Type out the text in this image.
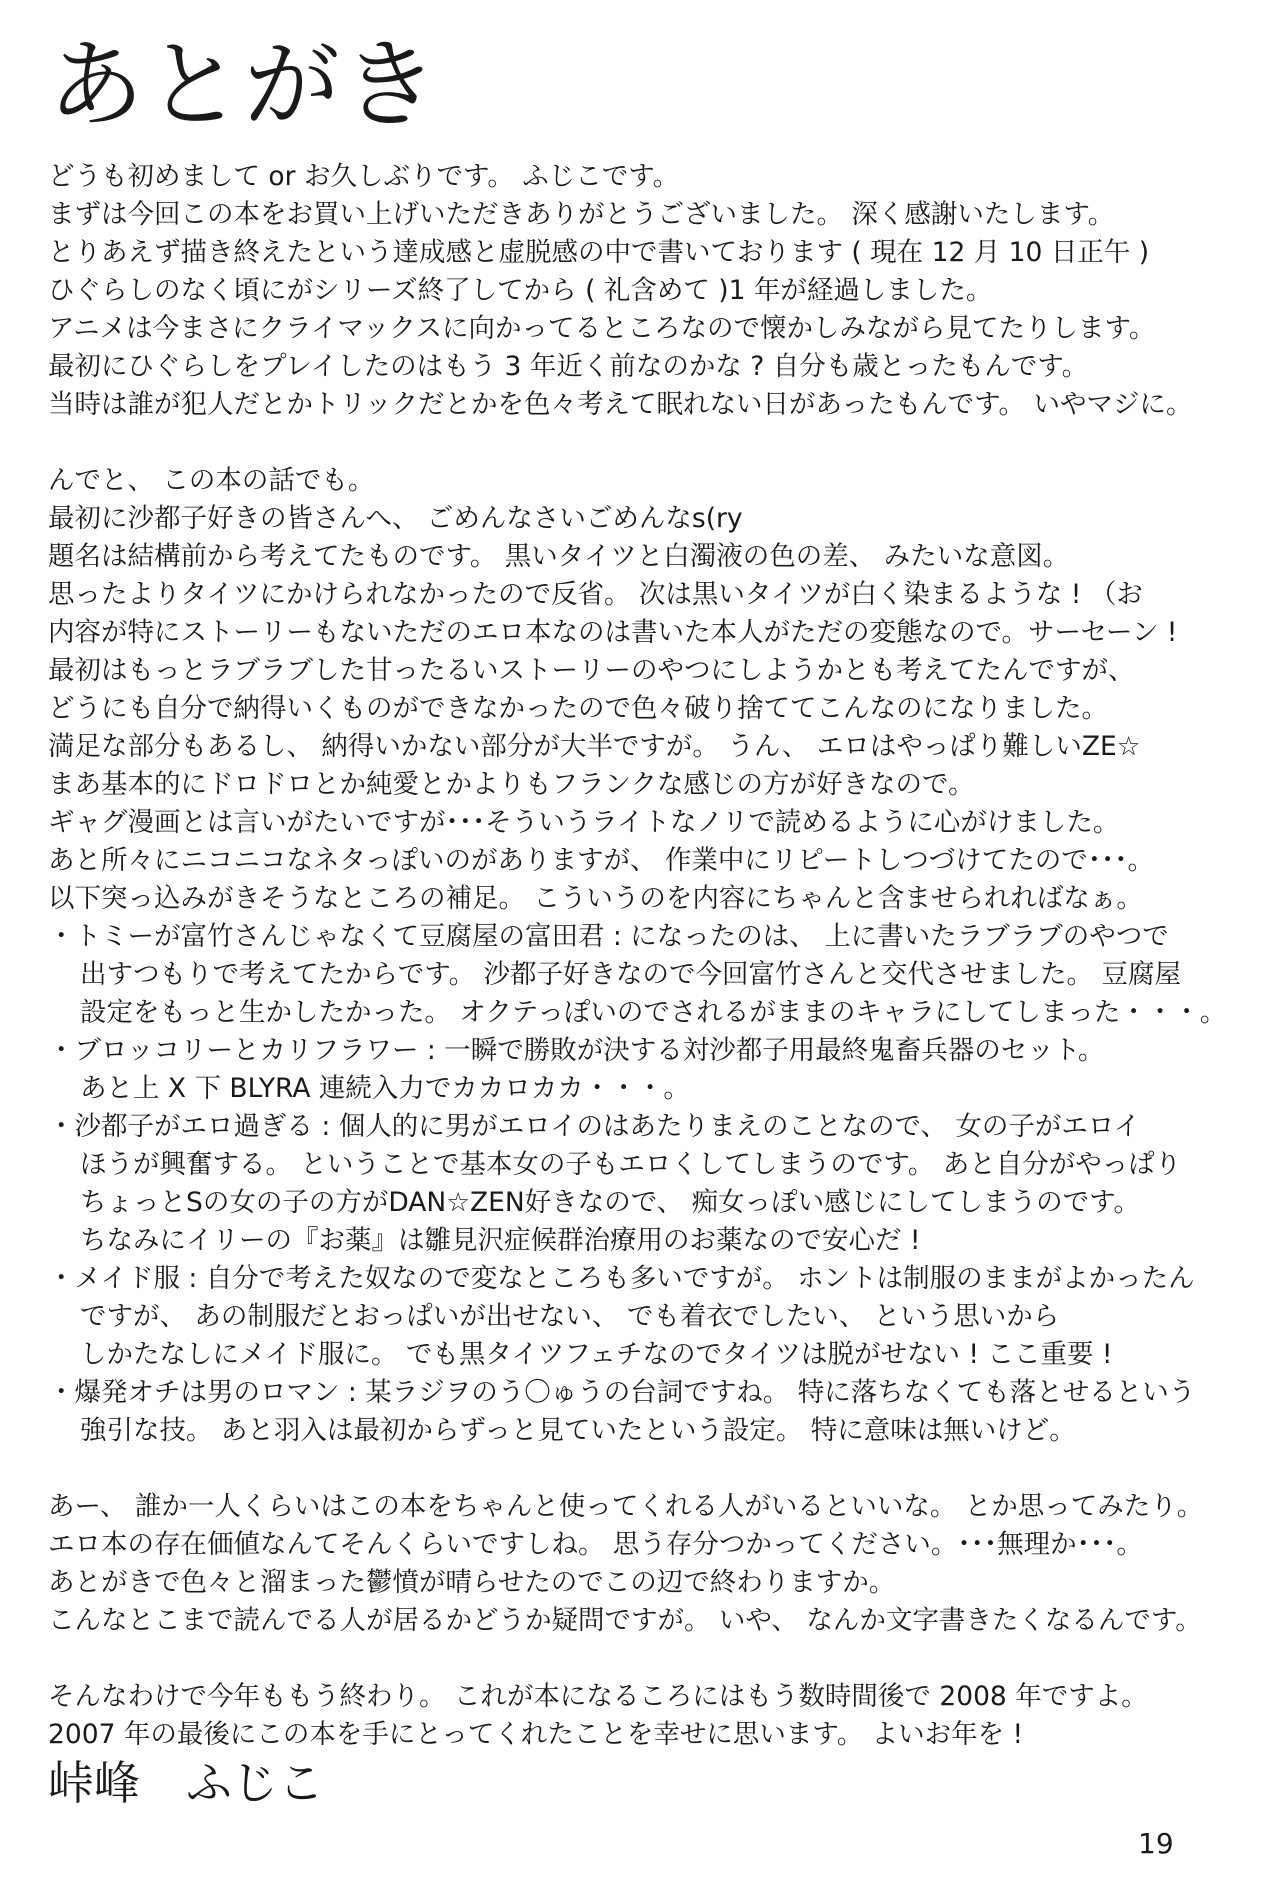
あとがき

どうも初めまして or お久しぶりです。 ふじこです。

まずは今回この本をお買い上げいただきありがとうございました。 深く感謝いたします。

とりあえず描き終えたという達成感と虚脱感の中で書いております ( 現在 12 月 10 日正午 )

ひぐらしのなく頃にがシリーズ終了してから ( 礼含めて )1 年が経過しました。

アニメは今まさにクライマックスに向かってるところなので懐かしみながら見てたりします。

最初にひぐらしをプレイしたのはもう 3 年近く前なのかな ? 自分も歳とったもんです。

当時は誰が犯人だとかトリックだとかを色々考えて眠れない日があったもんです。 いやマジに。

んでと、 この本の話でも。

最初に沙都子好きの皆さんへ、 ごめんなさいごめんなs(ry

題名は結構前から考えてたものです。 黒いタイツと白濁液の色の差、 みたいな意図。

思ったよりタイツにかけられなかったので反省。 次は黒いタイツが白く染まるような ! （お

内容が特にストーリーもないただのエロ本なのは書いた本人がただの変態なので。サーセーン !

最初はもっとラブラブした甘ったるいストーリーのやつにしようかとも考えてたんですが、

どうにも自分で納得いくものができなかったので色々破り捨ててこんなのになりました。

満足な部分もあるし、 納得いかない部分が大半ですが。 うん、 エロはやっぱり難しいZE☆

まあ基本的にドロドロとか純愛とかよりもフランクな感じの方が好きなので。

ギャグ漫画とは言いがたいですが･･･そういうライトなノリで読めるように心がけました。

あと所々にニコニコなネタっぽいのがありますが、 作業中にリピートしつづけてたので･･･。

以下突っ込みがきそうなところの補足。 こういうのを内容にちゃんと含ませられればなぁ。

・トミーが富竹さんじゃなくて豆腐屋の富田君 : になったのは、 上に書いたラブラブのやつで

出すつもりで考えてたからです。 沙都子好きなので今回富竹さんと交代させました。 豆腐屋

設定をもっと生かしたかった。 オクテっぽいのでされるがままのキャラにしてしまった・・・。

・ブロッコリーとカリフラワー : 一瞬で勝敗が決する対沙都子用最終鬼畜兵器のセット。

あと上 X 下 BLYRA 連続入力でカカロカカ・・・。

・沙都子がエロ過ぎる : 個人的に男がエロイのはあたりまえのことなので、 女の子がエロイ

ほうが興奮する。 ということで基本女の子もエロくしてしまうのです。 あと自分がやっぱり

ちょっとSの女の子の方がDAN☆ZEN好きなので、 痴女っぽい感じにしてしまうのです。

ちなみにイリーの『お薬』は雛見沢症候群治療用のお薬なので安心だ !

・メイド服 : 自分で考えた奴なので変なところも多いですが。 ホントは制服のままがよかったん

ですが、 あの制服だとおっぱいが出せない、 でも着衣でしたい、 という思いから

しかたなしにメイド服に。 でも黒タイツフェチなのでタイツは脱がせない ! ここ重要 !

・爆発オチは男のロマン : 某ラジヲのう〇ゅうの台詞ですね。 特に落ちなくても落とせるという

強引な技。 あと羽入は最初からずっと見ていたという設定。 特に意味は無いけど。

あー、 誰か一人くらいはこの本をちゃんと使ってくれる人がいるといいな。 とか思ってみたり。

エロ本の存在価値なんてそんくらいですしね。 思う存分つかってください。･･･無理か･･･。

あとがきで色々と溜まった鬱憤が晴らせたのでこの辺で終わりますか。

こんなとこまで読んでる人が居るかどうか疑問ですが。 いや、 なんか文字書きたくなるんです。

そんなわけで今年ももう終わり。 これが本になるころにはもう数時間後で 2008 年ですよ。

2007 年の最後にこの本を手にとってくれたことを幸せに思います。 よいお年を !

峠峰　ふじこ

19
